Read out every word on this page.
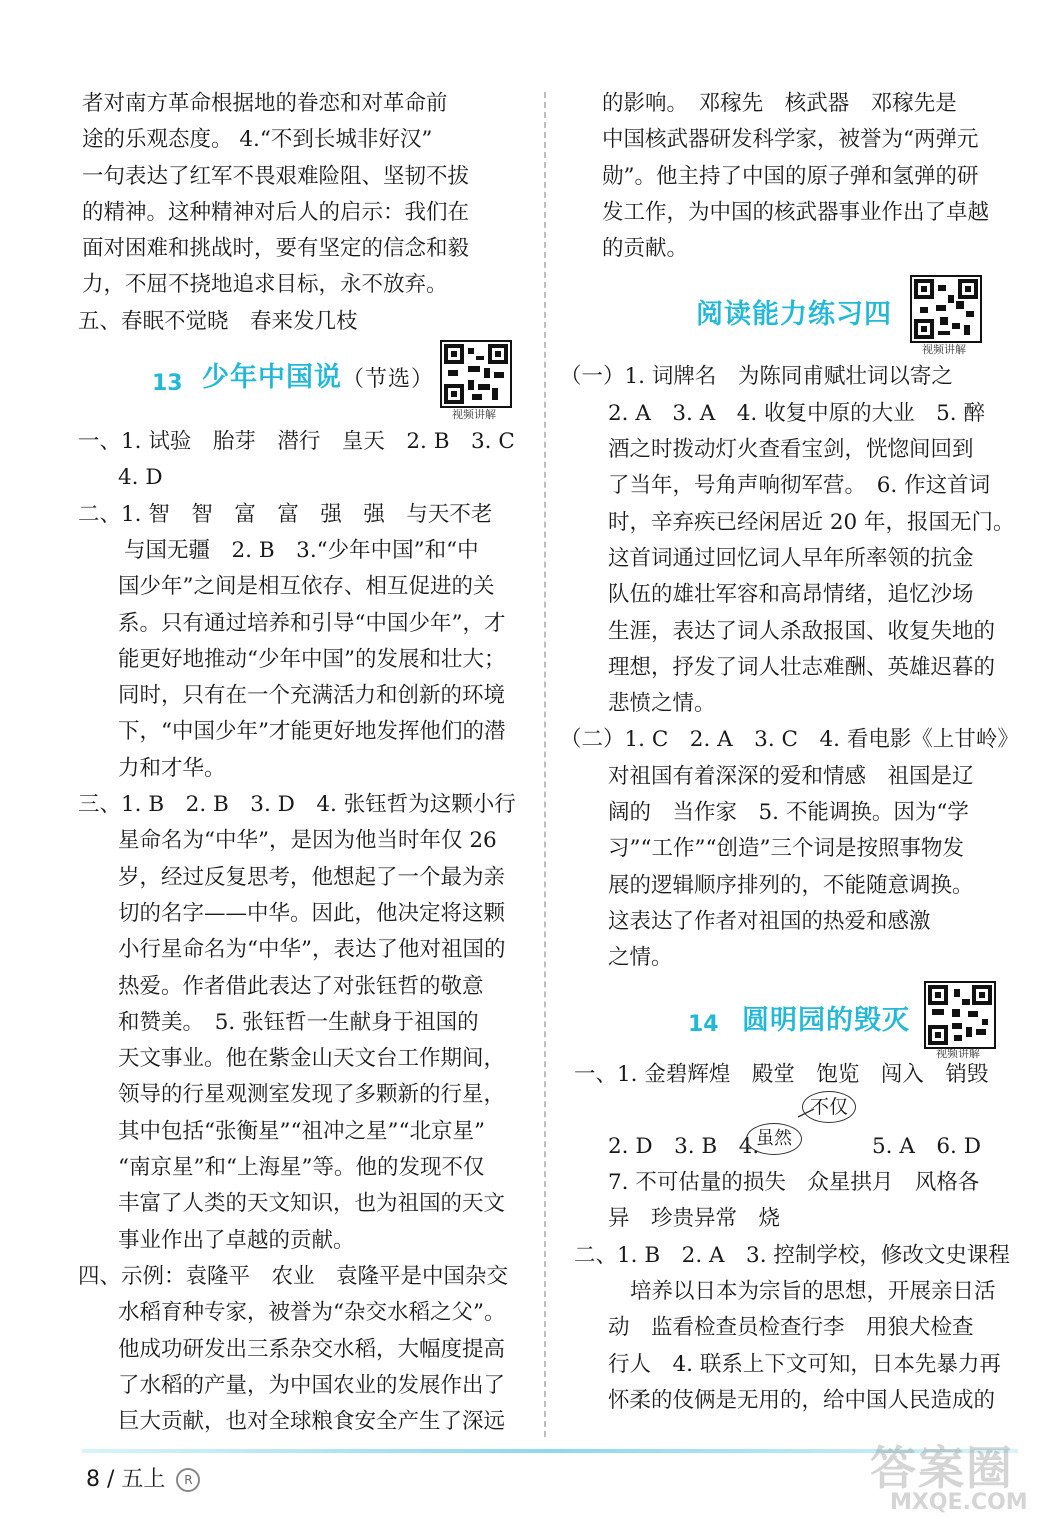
者对南方革命根据地的眷恋和对革命前
途的乐观态度。 4.“不到长城非好汉”
一句表达了红军不畏艰难险阻、坚韧不拔
的精神。这种精神对后人的启示：我们在
面对困难和挑战时，要有坚定的信念和毅
力，不屈不挠地追求目标，永不放弃。
五、春眠不觉晓　春来发几枝
13 少年中国说（节选）
视频讲解
一、1. 试验　胎芽　潜行　皇天　2. B　3. C
4. D
二、1. 智　智　富　富　强　强　与天不老
与国无疆　2. B　3.“少年中国”和“中
国少年”之间是相互依存、相互促进的关
系。只有通过培养和引导“中国少年”，才
能更好地推动“少年中国”的发展和壮大；
同时，只有在一个充满活力和创新的环境
下，“中国少年”才能更好地发挥他们的潜
力和才华。
三、1. B　2. B　3. D　4. 张钰哲为这颗小行
星命名为“中华”，是因为他当时年仅 26
岁，经过反复思考，他想起了一个最为亲
切的名字——中华。因此，他决定将这颗
小行星命名为“中华”，表达了他对祖国的
热爱。作者借此表达了对张钰哲的敬意
和赞美。　5. 张钰哲一生献身于祖国的
天文事业。他在紫金山天文台工作期间，
领导的行星观测室发现了多颗新的行星，
其中包括“张衡星”“祖冲之星”“北京星”
“南京星”和“上海星”等。他的发现不仅
丰富了人类的天文知识，也为祖国的天文
事业作出了卓越的贡献。
四、示例：袁隆平　农业　袁隆平是中国杂交
水稻育种专家，被誉为“杂交水稻之父”。
他成功研发出三系杂交水稻，大幅度提高
了水稻的产量，为中国农业的发展作出了
巨大贡献，也对全球粮食安全产生了深远
的影响。　邓稼先　核武器　邓稼先是
中国核武器研发科学家，被誉为“两弹元
勋”。他主持了中国的原子弹和氢弹的研
发工作，为中国的核武器事业作出了卓越
的贡献。
阅读能力练习四
视频讲解
（一）1. 词牌名　为陈同甫赋壮词以寄之
2. A　3. A　4. 收复中原的大业　5. 醉
酒之时拨动灯火查看宝剑，恍惚间回到
了当年，号角声响彻军营。　6. 作这首词
时，辛弃疾已经闲居近 20 年，报国无门。
这首词通过回忆词人早年所率领的抗金
队伍的雄壮军容和高昂情绪，追忆沙场
生涯，表达了词人杀敌报国、收复失地的
理想，抒发了词人壮志难酬、英雄迟暮的
悲愤之情。
（二）1. C　2. A　3. C　4. 看电影《上甘岭》
对祖国有着深深的爱和情感　祖国是辽
阔的　当作家　5. 不能调换。因为“学
习”“工作”“创造”三个词是按照事物发
展的逻辑顺序排列的，不能随意调换。
这表达了作者对祖国的热爱和感激
之情。
14 圆明园的毁灭
视频讲解
一、1. 金碧辉煌　殿堂　饱览　闯入　销毁
不仅
2. D　3. B　4.
虽然	5. A　6. D
7. 不可估量的损失　众星拱月　风格各
异　珍贵异常　烧
二、1. B　2. A　3. 控制学校，修改文史课程
培养以日本为宗旨的思想，开展亲日活
动　监看检查员检查行李　用狼犬检查
行人　4. 联系上下文可知，日本先暴力再
怀柔的伎俩是无用的，给中国人民造成的
8 / 五上 R	答案圈
MXQE.COM
